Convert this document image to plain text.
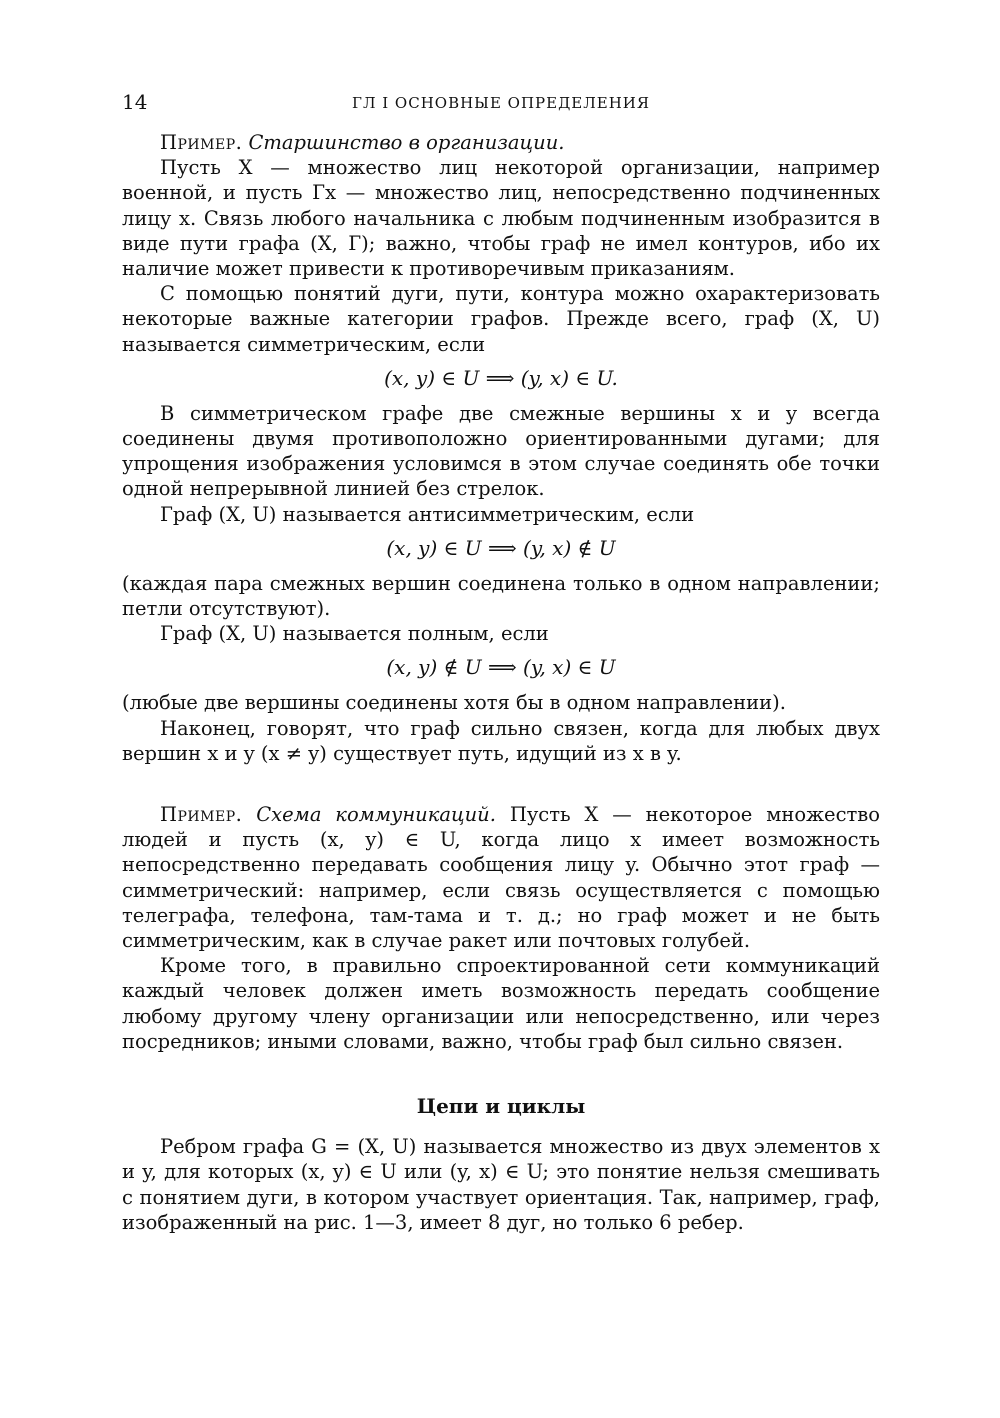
14	ГЛ I ОСНОВНЫЕ ОПРЕДЕЛЕНИЯ

Пример. Старшинство в организации.

Пусть X — множество лиц некоторой организации, например военной, и пусть Гx — множество лиц, непосредственно подчиненных лицу x. Связь любого начальника с любым подчиненным изобразится в виде пути графа (X, Г); важно, чтобы граф не имел контуров, ибо их наличие может привести к противоречивым приказаниям.

С помощью понятий дуги, пути, контура можно охарактеризовать некоторые важные категории графов. Прежде всего, граф (X, U) называется симметрическим, если

(x, y) ∈ U ⟹ (y, x) ∈ U.

В симметрическом графе две смежные вершины x и y всегда соединены двумя противоположно ориентированными дугами; для упрощения изображения условимся в этом случае соединять обе точки одной непрерывной линией без стрелок.

Граф (X, U) называется антисимметрическим, если

(x, y) ∈ U ⟹ (y, x) ∉ U

(каждая пара смежных вершин соединена только в одном направлении; петли отсутствуют).

Граф (X, U) называется полным, если

(x, y) ∉ U ⟹ (y, x) ∈ U

(любые две вершины соединены хотя бы в одном направлении).

Наконец, говорят, что граф сильно связен, когда для любых двух вершин x и y (x ≠ y) существует путь, идущий из x в y.

Пример. Схема коммуникаций. Пусть X — некоторое множество людей и пусть (x, y) ∈ U, когда лицо x имеет возможность непосредственно передавать сообщения лицу y. Обычно этот граф — симметрический: например, если связь осуществляется с помощью телеграфа, телефона, там-тама и т. д.; но граф может и не быть симметрическим, как в случае ракет или почтовых голубей.

Кроме того, в правильно спроектированной сети коммуникаций каждый человек должен иметь возможность передать сообщение любому другому члену организации или непосредственно, или через посредников; иными словами, важно, чтобы граф был сильно связен.

Цепи и циклы

Ребром графа G = (X, U) называется множество из двух элементов x и y, для которых (x, y) ∈ U или (y, x) ∈ U; это понятие нельзя смешивать с понятием дуги, в котором участвует ориентация. Так, например, граф, изображенный на рис. 1—3, имеет 8 дуг, но только 6 ребер.
